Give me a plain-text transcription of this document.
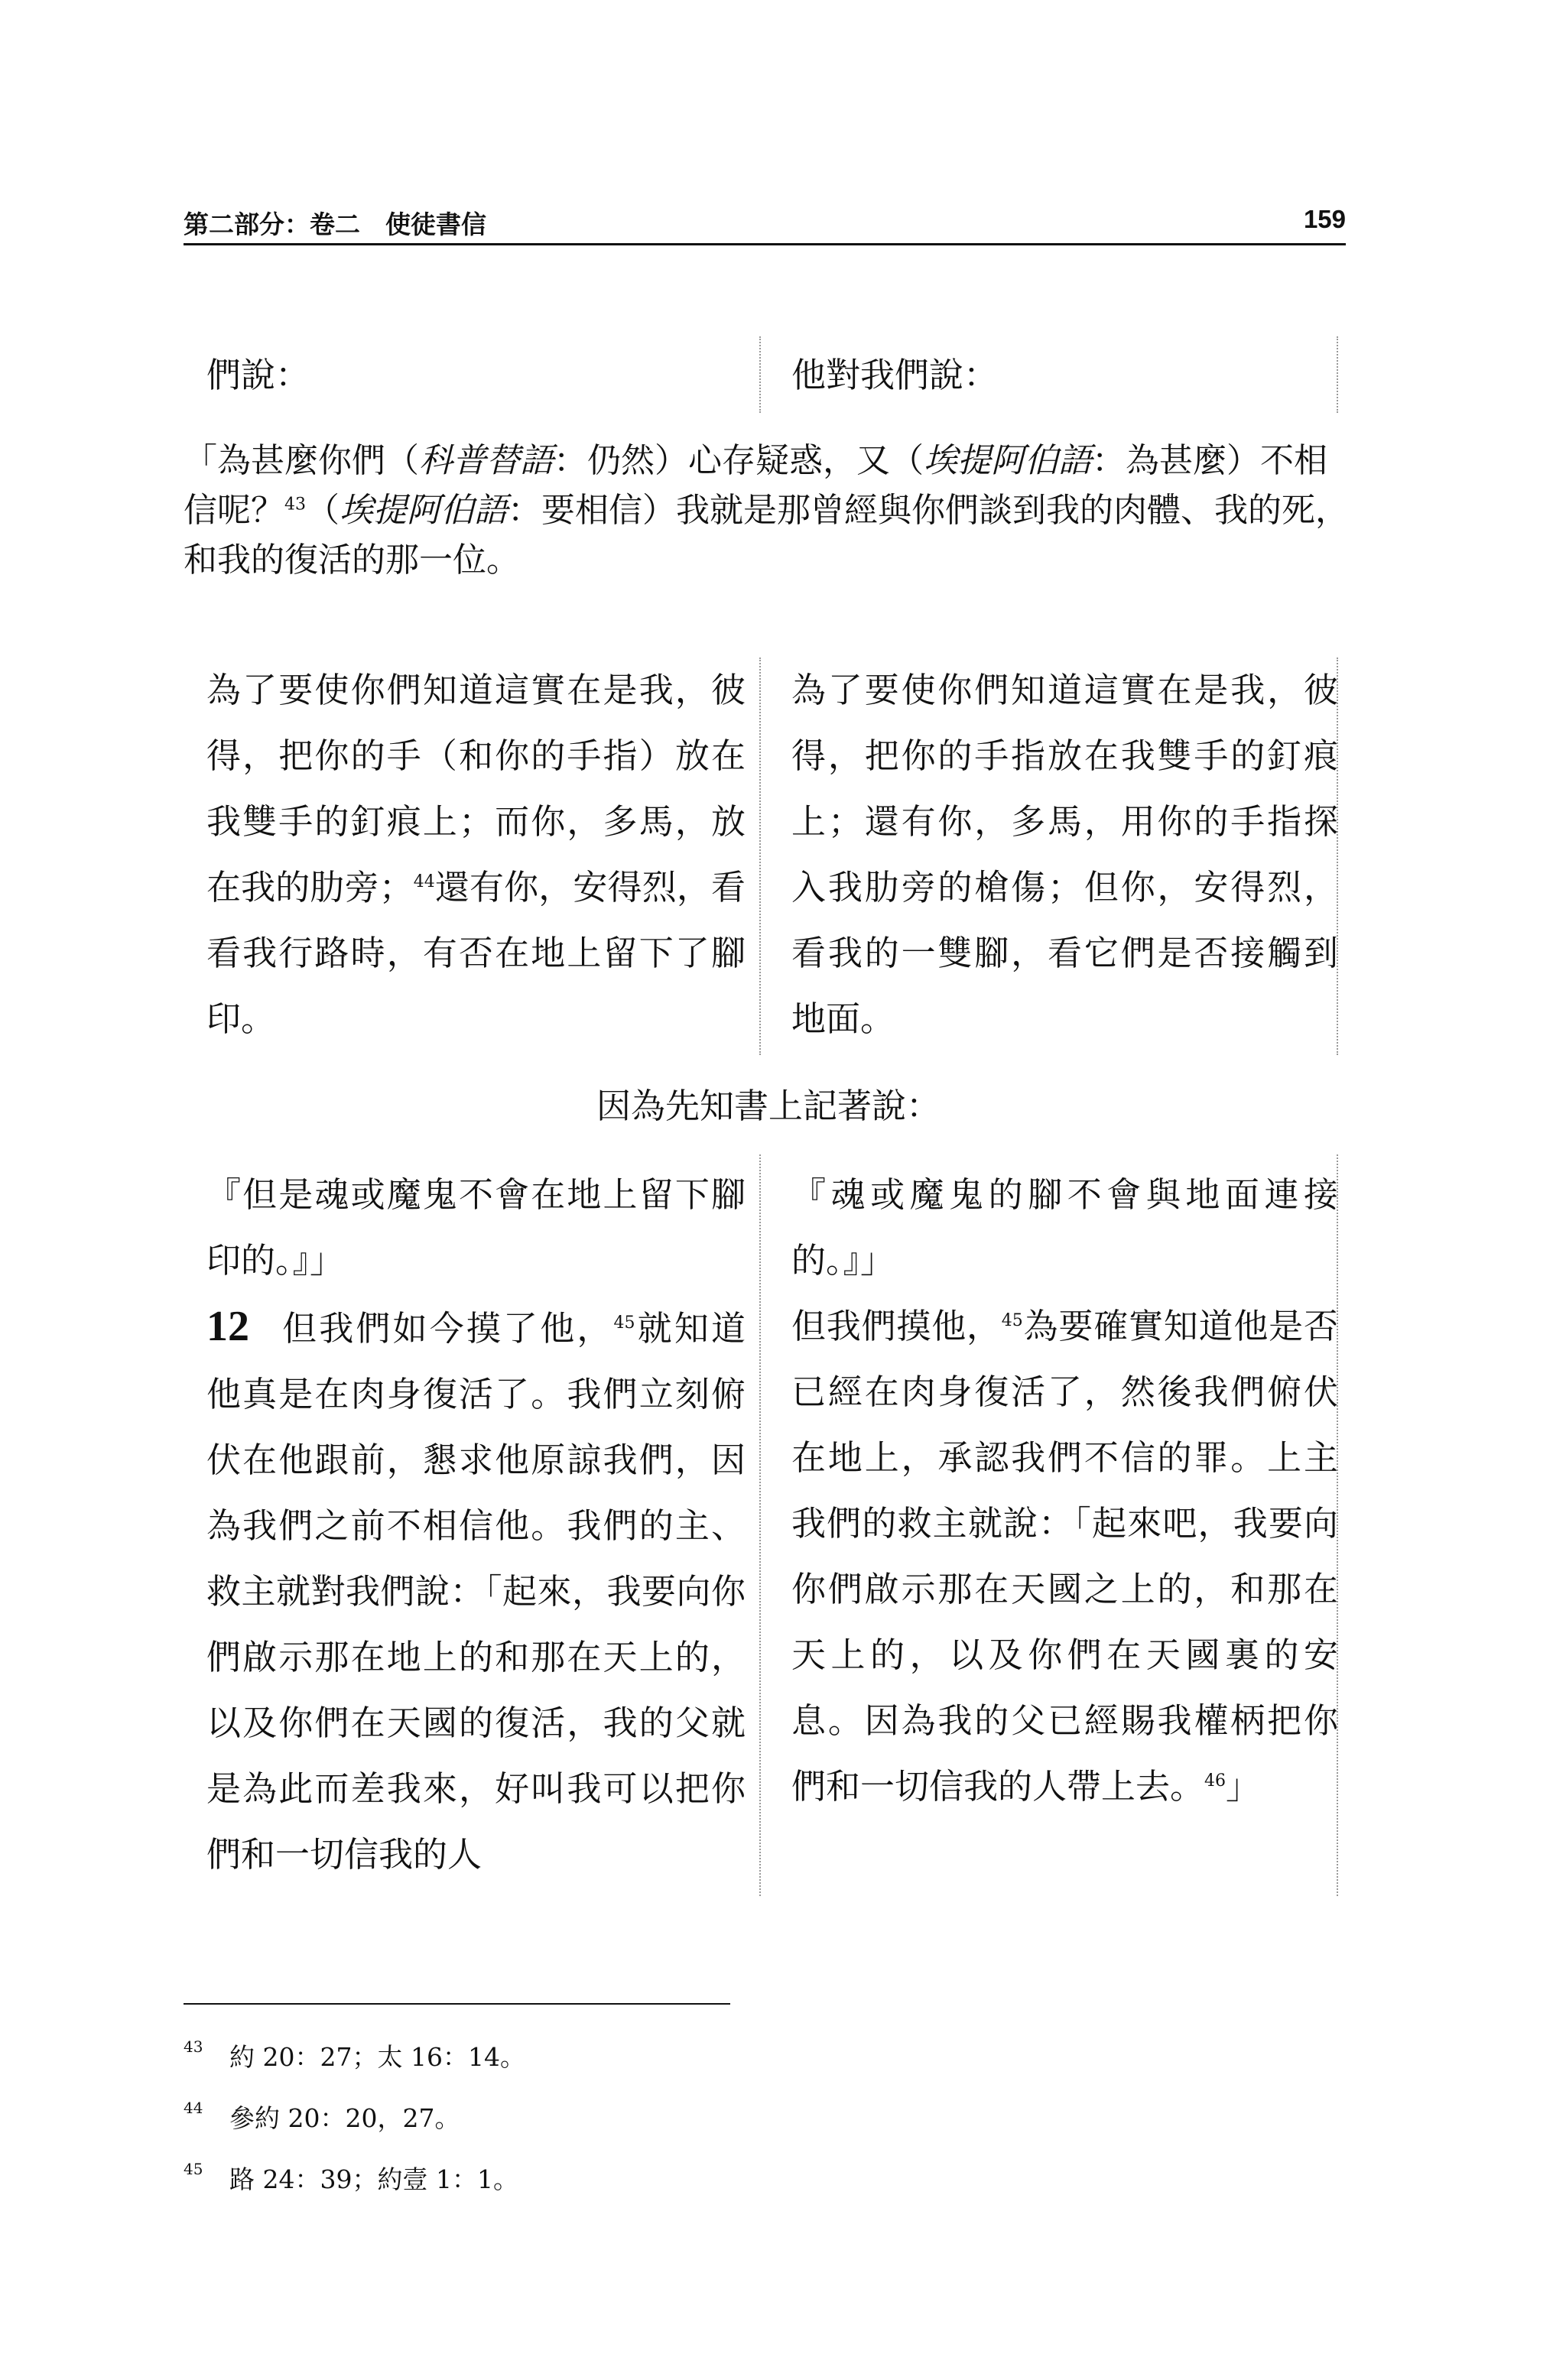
第二部分：卷二　使徒書信	159
們說：	他對我們說：
「為甚麼你們（科普替語：仍然）心存疑惑，又（埃提阿伯語：為甚麼）不相信呢？$^{43}$（埃提阿伯語：要相信）我就是那曾經與你們談到我的肉體、我的死，和我的復活的那一位。
為了要使你們知道這實在是我，彼得，把你的手（和你的手指）放在我雙手的釘痕上；而你，多馬，放在我的肋旁；$^{44}$還有你，安得烈，看看我行路時，有否在地上留下了腳印。
為了要使你們知道這實在是我，彼得，把你的手指放在我雙手的釘痕上；還有你，多馬，用你的手指探入我肋旁的槍傷；但你，安得烈，看我的一雙腳，看它們是否接觸到地面。
因為先知書上記著說：
『但是魂或魔鬼不會在地上留下腳印的。』」
12 但我們如今摸了他，$^{45}$就知道他真是在肉身復活了。我們立刻俯伏在他跟前，懇求他原諒我們，因為我們之前不相信他。我們的主、救主就對我們說：「起來，我要向你們啟示那在地上的和那在天上的，以及你們在天國的復活，我的父就是為此而差我來，好叫我可以把你們和一切信我的人
『魂或魔鬼的腳不會與地面連接的。』」
但我們摸他，$^{45}$為要確實知道他是否已經在肉身復活了，然後我們俯伏在地上，承認我們不信的罪。上主我們的救主就說：「起來吧，我要向你們啟示那在天國之上的，和那在天上的，以及你們在天國裏的安息。因為我的父已經賜我權柄把你們和一切信我的人帶上去。$^{46}$」
43 約 20：27；太 16：14。
44 參約 20：20，27。
45 路 24：39；約壹 1：1。
